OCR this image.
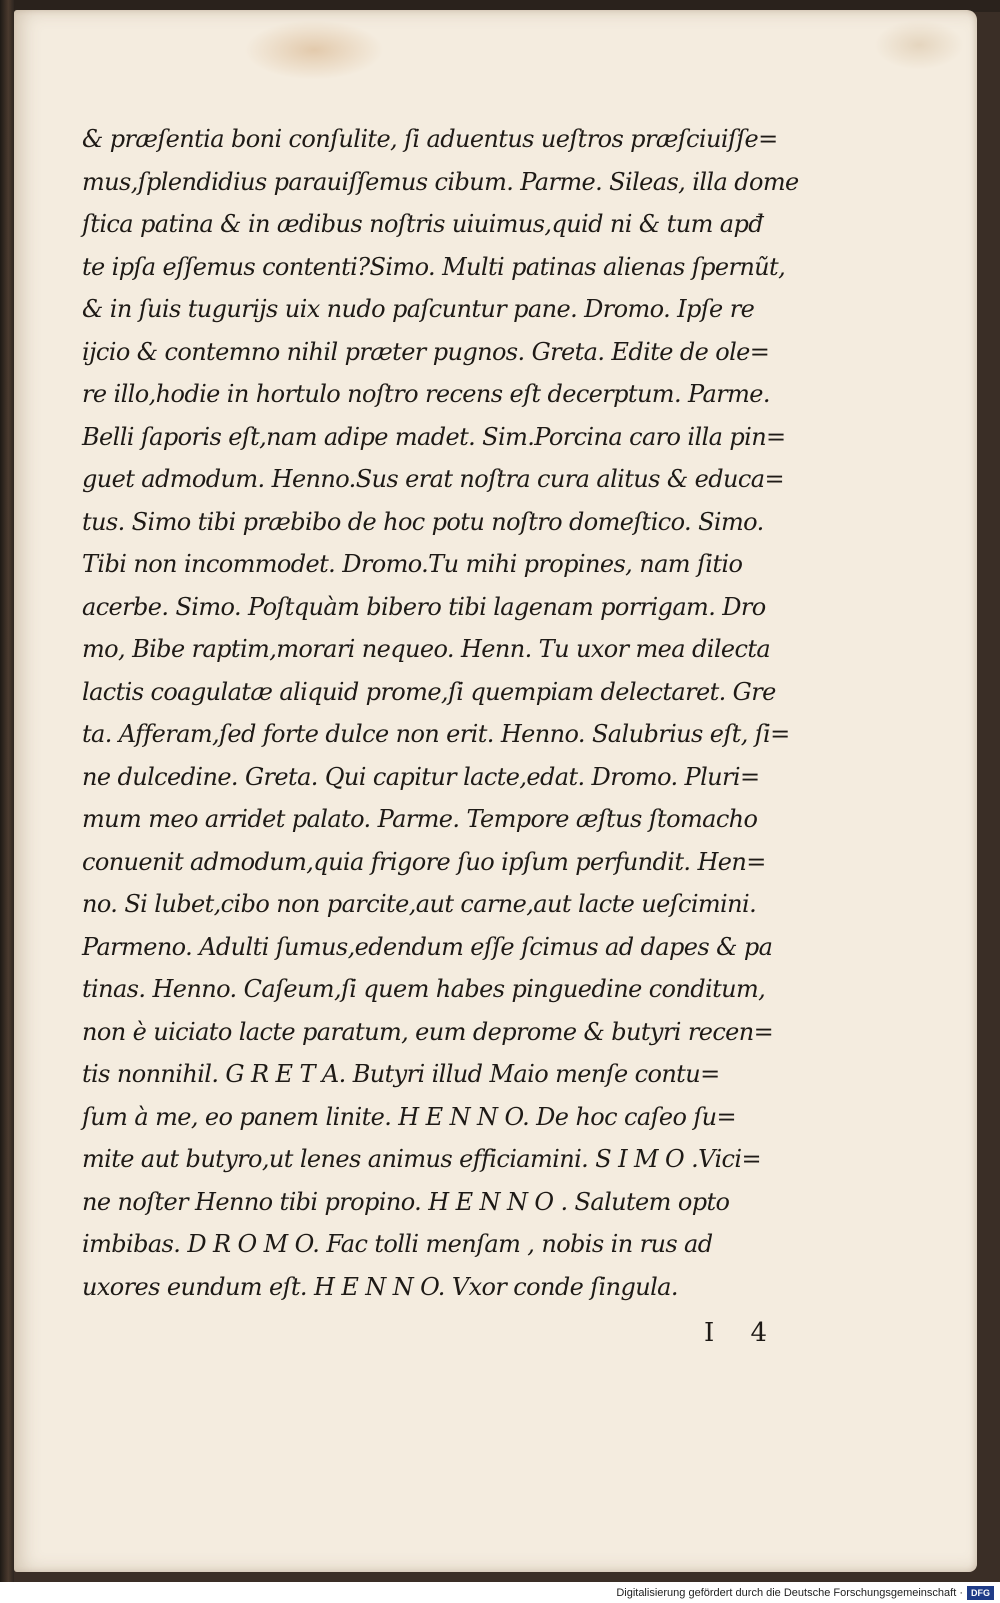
& præſentia boni conſulite, ſi aduentus ueſtros præſciuiſſe=
mus,ſplendidius parauiſſemus cibum. Parme. Sileas, illa dome
ſtica patina & in ædibus noſtris uiuimus,quid ni & tum apđ
te ipſa eſſemus contenti?Simo. Multi patinas alienas ſpernũt,
& in ſuis tugurijs uix nudo paſcuntur pane. Dromo. Ipſe re
ijcio & contemno nihil præter pugnos. Greta. Edite de ole=
re illo,hodie in hortulo noſtro recens eſt decerptum. Parme.
Belli ſaporis eſt,nam adipe madet. Sim.Porcina caro illa pin=
guet admodum. Henno.Sus erat noſtra cura alitus & educa=
tus. Simo tibi præbibo de hoc potu noſtro domeſtico. Simo.
Tibi non incommodet. Dromo.Tu mihi propines, nam ſitio
acerbe. Simo. Poſtquàm bibero tibi lagenam porrigam. Dro
mo, Bibe raptim,morari nequeo. Henn. Tu uxor mea dilecta
lactis coagulatæ aliquid prome,ſi quempiam delectaret. Gre
ta. Afferam,ſed forte dulce non erit. Henno. Salubrius eſt, ſi=
ne dulcedine. Greta. Qui capitur lacte,edat. Dromo. Pluri=
mum meo arridet palato. Parme. Tempore æſtus ſtomacho
conuenit admodum,quia frigore ſuo ipſum perfundit. Hen=
no. Si lubet,cibo non parcite,aut carne,aut lacte ueſcimini.
Parmeno. Adulti ſumus,edendum eſſe ſcimus ad dapes & pa
tinas. Henno. Caſeum,ſi quem habes pinguedine conditum,
non è uiciato lacte paratum, eum deprome & butyri recen=
tis nonnihil. G R E T A. Butyri illud Maio menſe contu=
ſum à me, eo panem linite. H E N N O. De hoc caſeo ſu=
mite aut butyro,ut lenes animus efficiamini. S I M O .Vici=
ne noſter Henno tibi propino. H E N N O . Salutem opto
imbibas. D R O M O. Fac tolli menſam , nobis in rus ad
uxores eundum eſt. H E N N O. Vxor conde ſingula.
I 4
Digitalisierung gefördert durch die Deutsche Forschungsgemeinschaft · DFG
